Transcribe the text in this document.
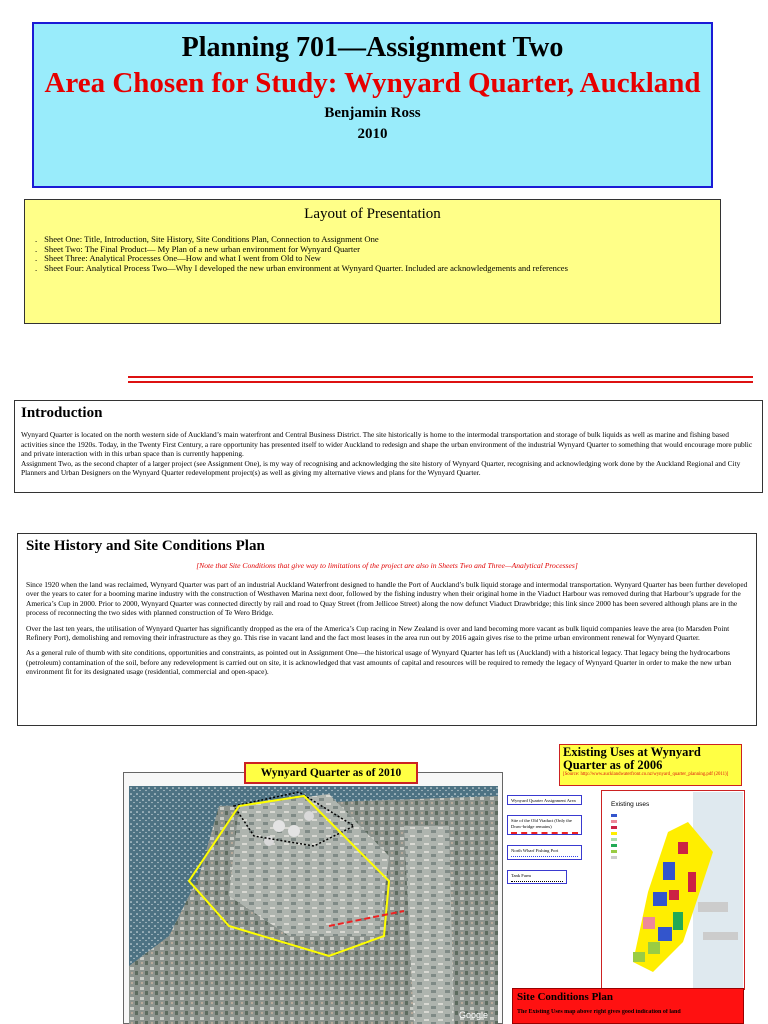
Planning 701—Assignment Two
Area Chosen for Study: Wynyard Quarter, Auckland
Benjamin Ross
2010
Layout of Presentation
. Sheet One: Title, Introduction, Site History, Site Conditions Plan, Connection to Assignment One
. Sheet Two: The Final Product— My Plan of a new urban environment for Wynyard Quarter
. Sheet Three: Analytical Processes One—How and what I went from Old to New
. Sheet Four: Analytical Process Two—Why I developed the new urban environment at Wynyard Quarter. Included are acknowledgements and references
Introduction

Wynyard Quarter is located on the north western side of Auckland’s main waterfront and Central Business District. The site historically is home to the intermodal transportation and storage of bulk liquids as well as marine and fishing based activities since the 1920s. Today, in the Twenty First Century, a rare opportunity has presented itself to wider Auckland to redesign and shape the urban environment of the industrial Wynyard Quarter to something that would encourage more public and private interaction with in this urban space than is currently happening.

Assignment Two, as the second chapter of a larger project (see Assignment One), is my way of recognising and acknowledging the site history of Wynyard Quarter, recognising and acknowledging work done by the Auckland Regional and City Planners and Urban Designers on the Wynyard Quarter redevelopment project(s) as well as giving my alternative views and plans for the Wynyard Quarter.

Site History and Site Conditions Plan
[Note that Site Conditions that give way to limitations of the project are also in Sheets Two and Three—Analytical Processes]

Since 1920 when the land was reclaimed, Wynyard Quarter was part of an industrial Auckland Waterfront designed to handle the Port of Auckland’s bulk liquid storage and intermodal transportation. Wynyard Quarter has been further developed over the years to cater for a booming marine industry with the construction of Westhaven Marina next door, followed by the fishing industry when their original home in the Viaduct Harbour was removed during that Harbour’s upgrade for the America’s Cup in 2000. Prior to 2000, Wynyard Quarter was connected directly by rail and road to Quay Street (from Jellicoe Street) along the now defunct Viaduct Drawbridge; this link since 2000 has been severed although plans are in the process of reconnecting the two sides with planned construction of Te Wero Bridge.

Over the last ten years, the utilisation of Wynyard Quarter has significantly dropped as the era of the America’s Cup racing in New Zealand is over and land becoming more vacant as bulk liquid companies leave the area (to Marsden Point Refinery Port), demolishing and removing their infrastructure as they go. This rise in vacant land and the fact most leases in the area run out by 2016 again gives rise to the prime urban environment renewal for Wynyard Quarter.

As a general rule of thumb with site conditions, opportunities and constraints, as pointed out in Assignment One—the historical usage of Wynyard Quarter has left us (Auckland) with a historical legacy. That legacy being the hydrocarbons (petroleum) contamination of the soil, before any redevelopment is carried out on site, it is acknowledged that vast amounts of capital and resources will be required to remedy the legacy of Wynyard Quarter in order to make the new urban environment fit for its designated usage (residential, commercial and open-space).

Google
Wynyard Quarter as of 2010
Wynyard Quarter Assignment Area
Site of the Old Viaduct (Only the Draw-bridge remains)
North Wharf Fishing Port
Tank Farm
Existing Uses at Wynyard Quarter as of 2006
[Source: http://www.aucklandwaterfront.co.nz/wynyard_quarter_planning.pdf (2011)]
Existing uses
Site Conditions Plan
The Existing Uses map above right gives good indication of land
